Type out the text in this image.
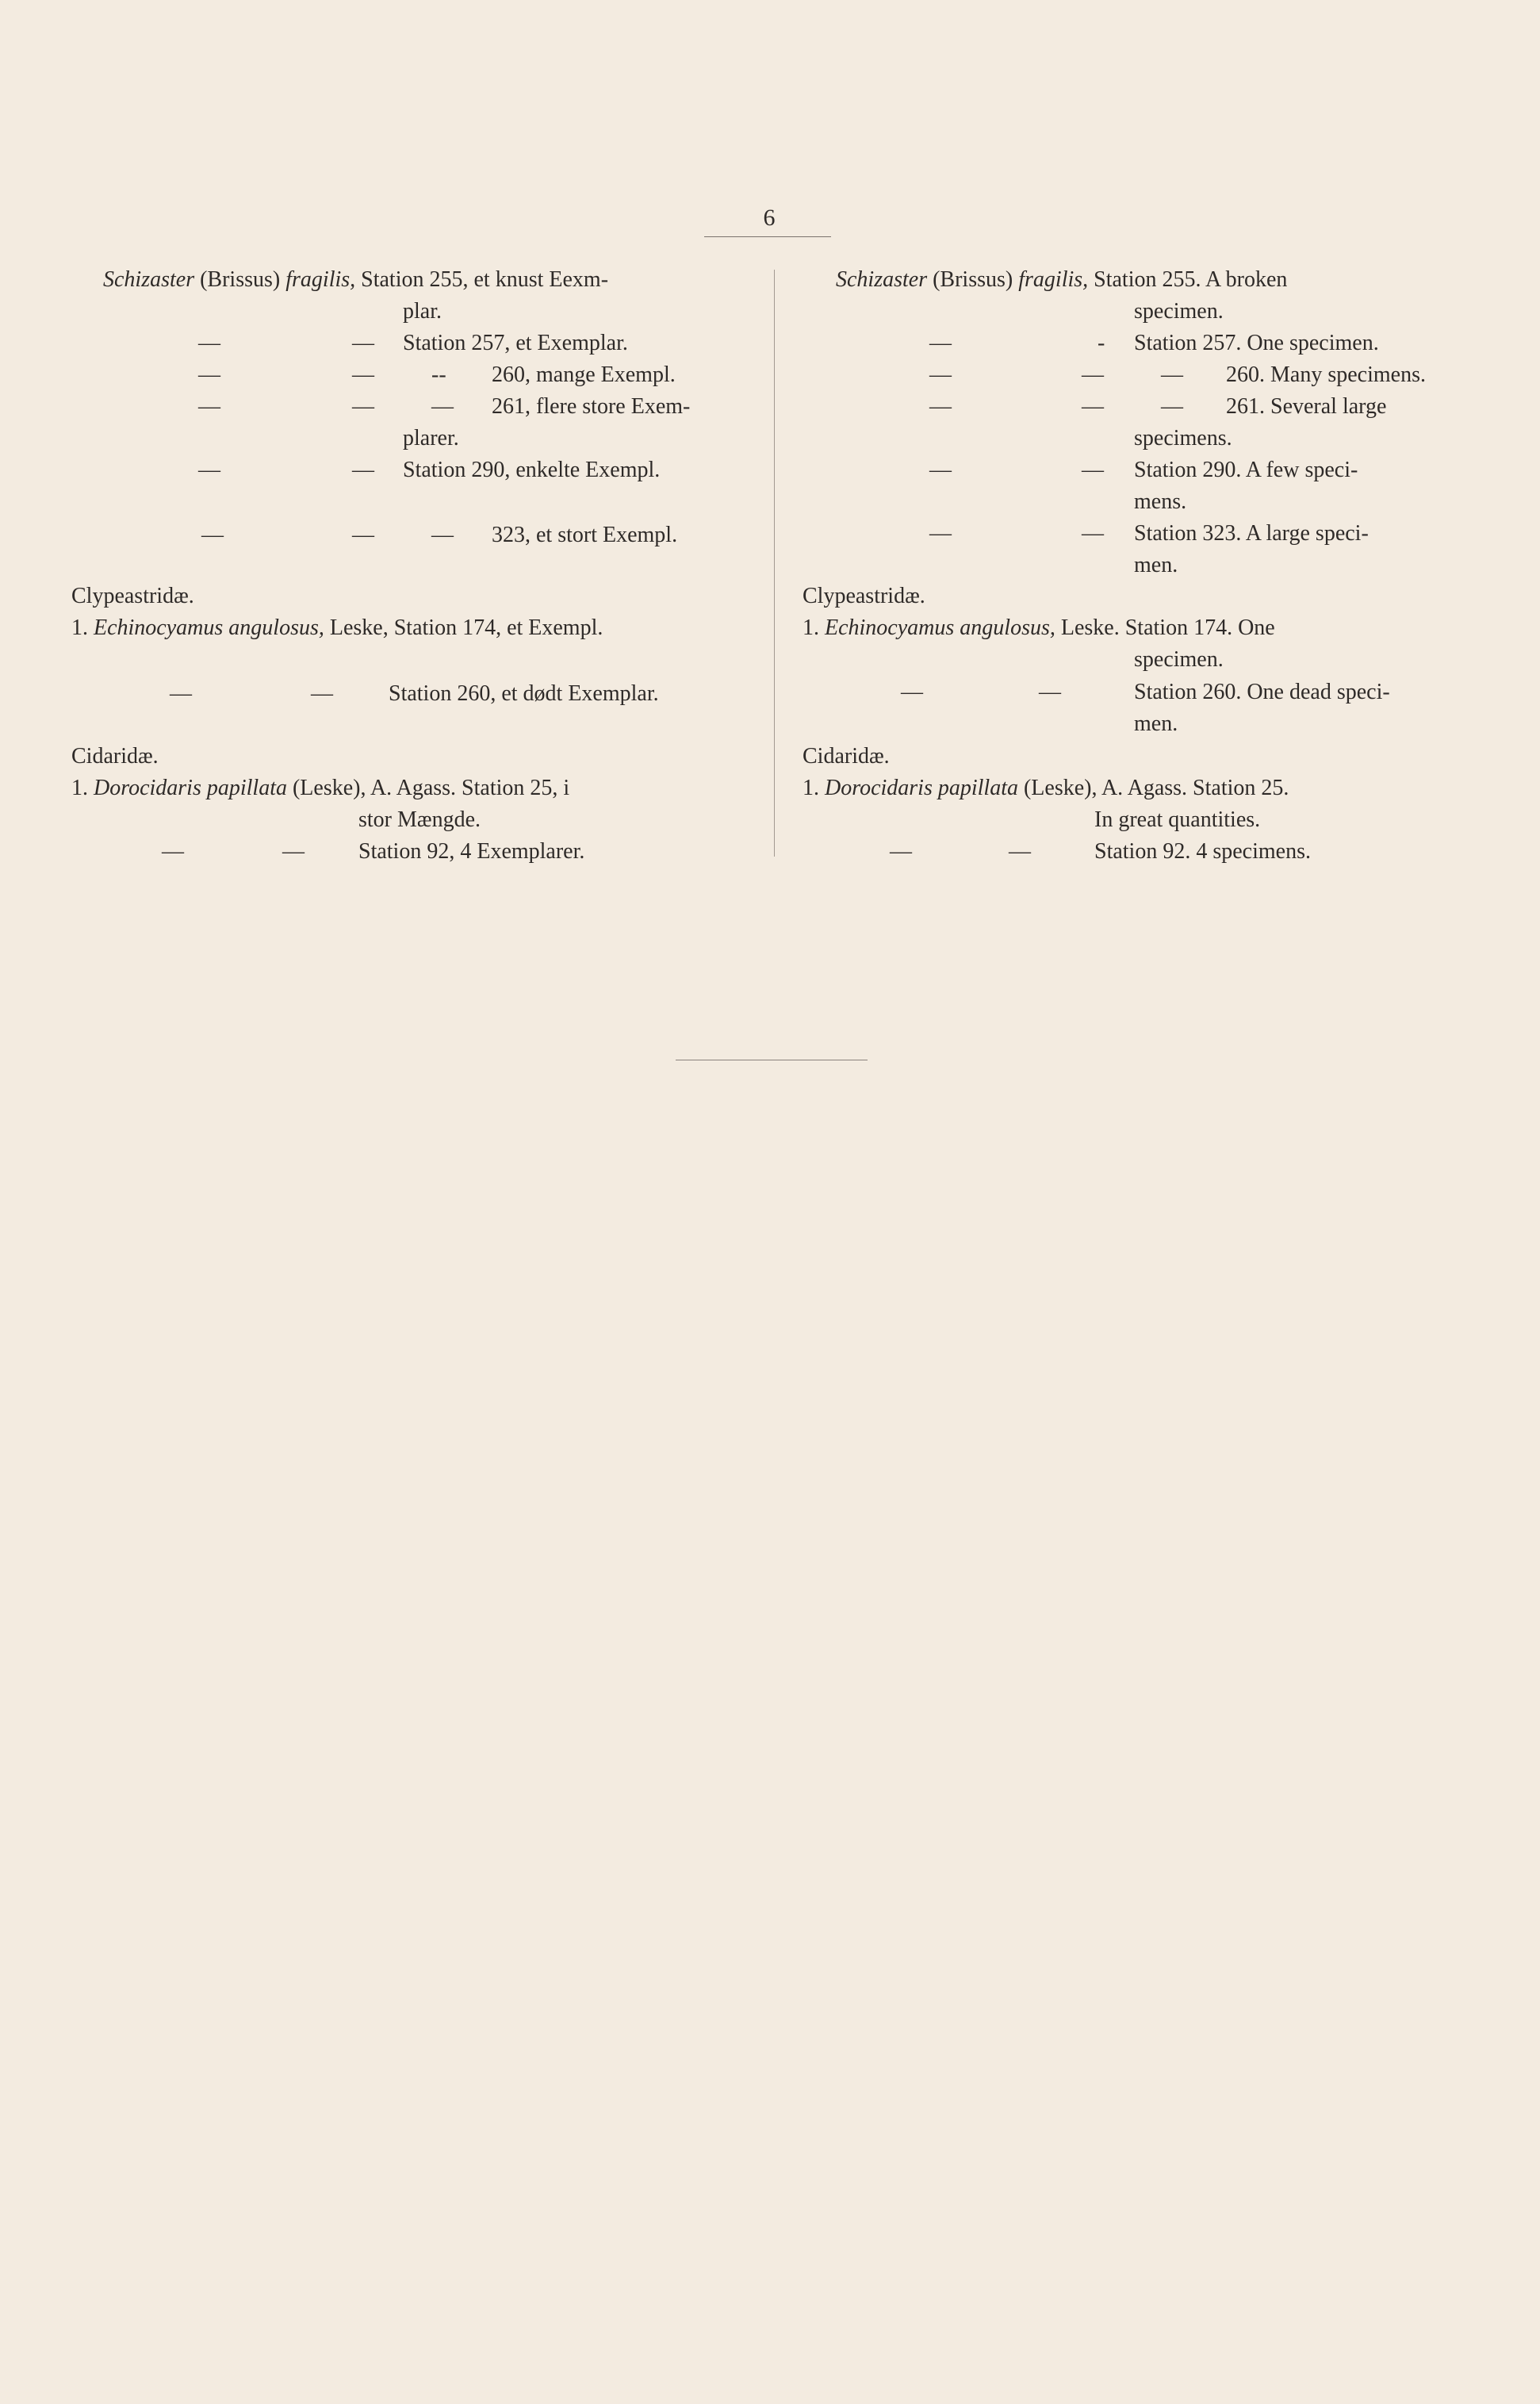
6
Schizaster (Brissus) fragilis, Station 255, et knust Eexm-
plar.
—	— Station 257, et Exemplar.
—	—	-- 260, mange Exempl.
—	—	— 261, flere store Exem-
plarer.
—	— Station 290, enkelte Exempl.
—	—	— 323, et stort Exempl.
Clypeastridæ.
1. Echinocyamus angulosus, Leske, Station 174, et Exempl.
—	—	Station 260, et dødt Exemplar.
Cidaridæ.
1. Dorocidaris papillata (Leske), A. Agass. Station 25, i
stor Mængde.
—	— Station 92, 4 Exemplarer.
Schizaster (Brissus) fragilis, Station 255. A broken
specimen.
—	- Station 257. One specimen.
—	—	— 260. Many specimens.
—	—	— 261. Several large
specimens.
—	— Station 290. A few speci-
mens.
—	— Station 323. A large speci-
men.
Clypeastridæ.
1. Echinocyamus angulosus, Leske. Station 174. One
specimen.
—	—	Station 260. One dead speci-
men.
Cidaridæ.
1. Dorocidaris papillata (Leske), A. Agass. Station 25.
In great quantities.
—	—	Station 92. 4 specimens.
